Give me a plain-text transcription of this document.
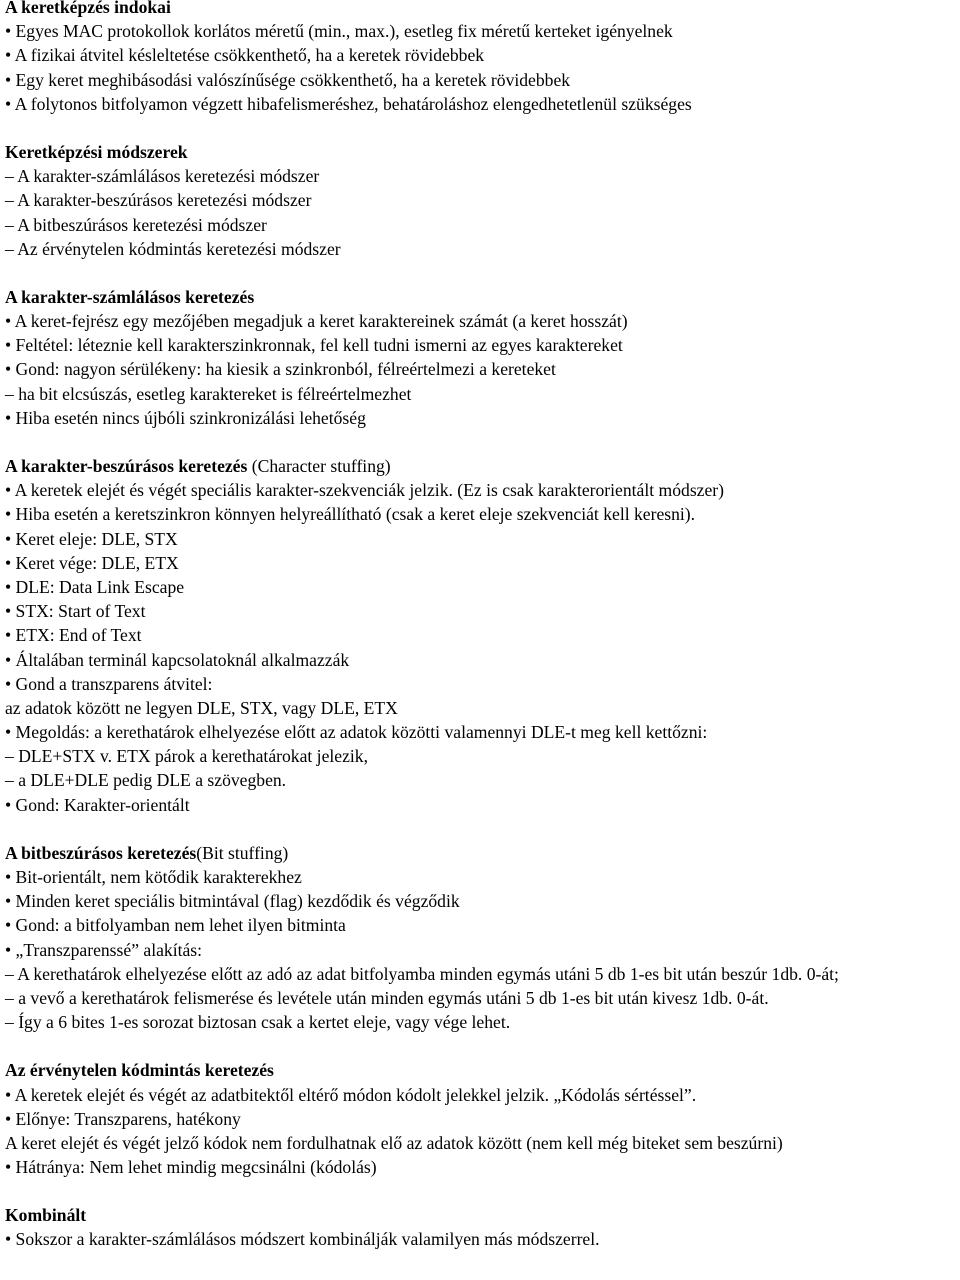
A keretképzés indokai
• Egyes MAC protokollok korlátos méretű (min., max.), esetleg fix méretű kerteket igényelnek
• A fizikai átvitel késleltetése csökkenthető, ha a keretek rövidebbek
• Egy keret meghibásodási valószínűsége csökkenthető, ha a keretek rövidebbek
• A folytonos bitfolyamon végzett hibafelismeréshez, behatároláshoz elengedhetetlenül szükséges
Keretképzési módszerek
– A karakter-számlálásos keretezési módszer
– A karakter-beszúrásos keretezési módszer
– A bitbeszúrásos keretezési módszer
– Az érvénytelen kódmintás keretezési módszer
A karakter-számlálásos keretezés
• A keret-fejrész egy mezőjében megadjuk a keret karaktereinek számát (a keret hosszát)
• Feltétel: léteznie kell karakterszinkronnak, fel kell tudni ismerni az egyes karaktereket
• Gond: nagyon sérülékeny: ha kiesik a szinkronból, félreértelmezi a kereteket
– ha bit elcsúszás, esetleg karaktereket is félreértelmezhet
• Hiba esetén nincs újbóli szinkronizálási lehetőség
A karakter-beszúrásos keretezés (Character stuffing)
• A keretek elejét és végét speciális karakter-szekvenciák jelzik. (Ez is csak karakterorientált módszer)
• Hiba esetén a keretszinkron könnyen helyreállítható (csak a keret eleje szekvenciát kell keresni).
• Keret eleje: DLE, STX
• Keret vége: DLE, ETX
• DLE: Data Link Escape
• STX: Start of Text
• ETX: End of Text
• Általában terminál kapcsolatoknál alkalmazzák
• Gond a transzparens átvitel:
az adatok között ne legyen DLE, STX, vagy DLE, ETX
• Megoldás: a kerethatárok elhelyezése előtt az adatok közötti valamennyi DLE-t meg kell kettőzni:
– DLE+STX v. ETX párok a kerethatárokat jelezik,
– a DLE+DLE pedig DLE a szövegben.
• Gond: Karakter-orientált
A bitbeszúrásos keretezés(Bit stuffing)
• Bit-orientált, nem kötődik karakterekhez
• Minden keret speciális bitmintával (flag) kezdődik és végződik
• Gond: a bitfolyamban nem lehet ilyen bitminta
• „Transzparenssé” alakítás:
– A kerethatárok elhelyezése előtt az adó az adat bitfolyamba minden egymás utáni 5 db 1-es bit után beszúr 1db. 0-át;
– a vevő a kerethatárok felismerése és levétele után minden egymás utáni 5 db 1-es bit után kivesz 1db. 0-át.
– Így a 6 bites 1-es sorozat biztosan csak a kertet eleje, vagy vége lehet.
Az érvénytelen kódmintás keretezés
• A keretek elejét és végét az adatbitektől eltérő módon kódolt jelekkel jelzik. „Kódolás sértéssel”.
• Előnye: Transzparens, hatékony
A keret elejét és végét jelző kódok nem fordulhatnak elő az adatok között (nem kell még biteket sem beszúrni)
• Hátránya: Nem lehet mindig megcsinálni (kódolás)
Kombinált
• Sokszor a karakter-számlálásos módszert kombinálják valamilyen más módszerrel.
